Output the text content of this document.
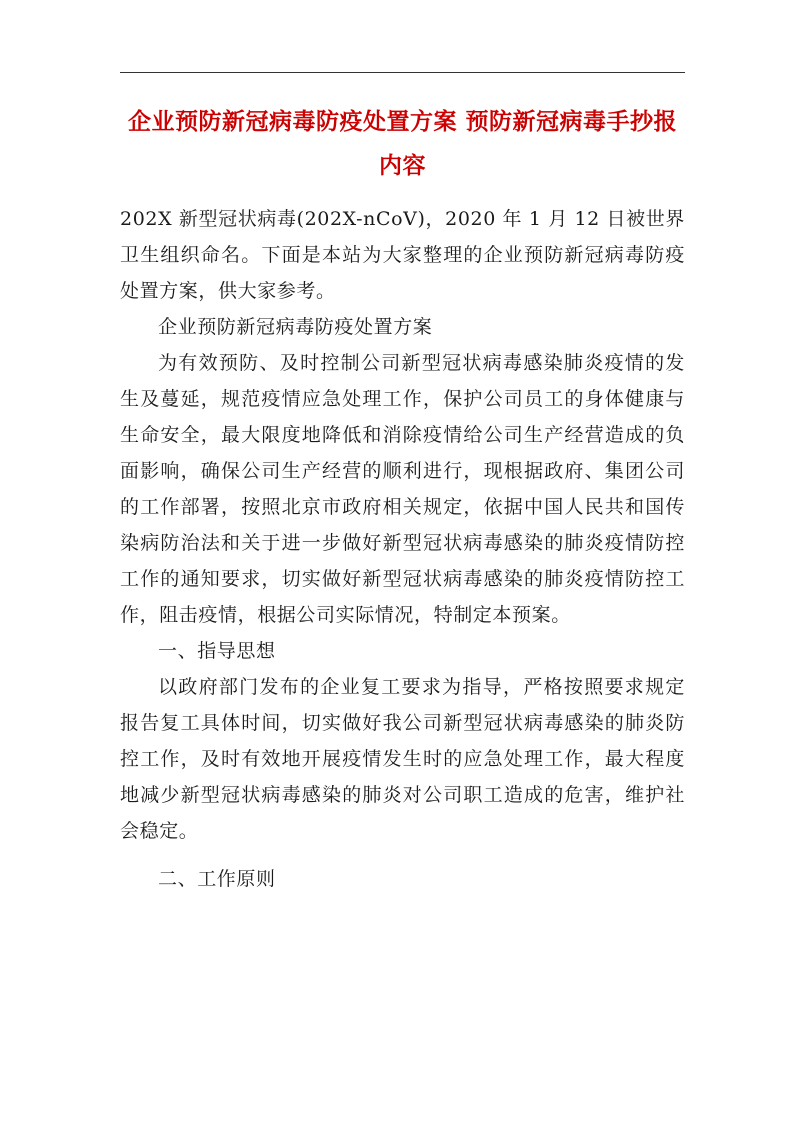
企业预防新冠病毒防疫处置方案 预防新冠病毒手抄报内容

202X 新型冠状病毒(202X-nCoV)，2020 年 1 月 12 日被世界卫生组织命名。下面是本站为大家整理的企业预防新冠病毒防疫处置方案，供大家参考。

企业预防新冠病毒防疫处置方案

为有效预防、及时控制公司新型冠状病毒感染肺炎疫情的发生及蔓延，规范疫情应急处理工作，保护公司员工的身体健康与生命安全，最大限度地降低和消除疫情给公司生产经营造成的负面影响，确保公司生产经营的顺利进行，现根据政府、集团公司的工作部署，按照北京市政府相关规定，依据中国人民共和国传染病防治法和关于进一步做好新型冠状病毒感染的肺炎疫情防控工作的通知要求，切实做好新型冠状病毒感染的肺炎疫情防控工作，阻击疫情，根据公司实际情况，特制定本预案。

一、指导思想

以政府部门发布的企业复工要求为指导，严格按照要求规定报告复工具体时间，切实做好我公司新型冠状病毒感染的肺炎防控工作，及时有效地开展疫情发生时的应急处理工作，最大程度地减少新型冠状病毒感染的肺炎对公司职工造成的危害，维护社会稳定。

二、工作原则
